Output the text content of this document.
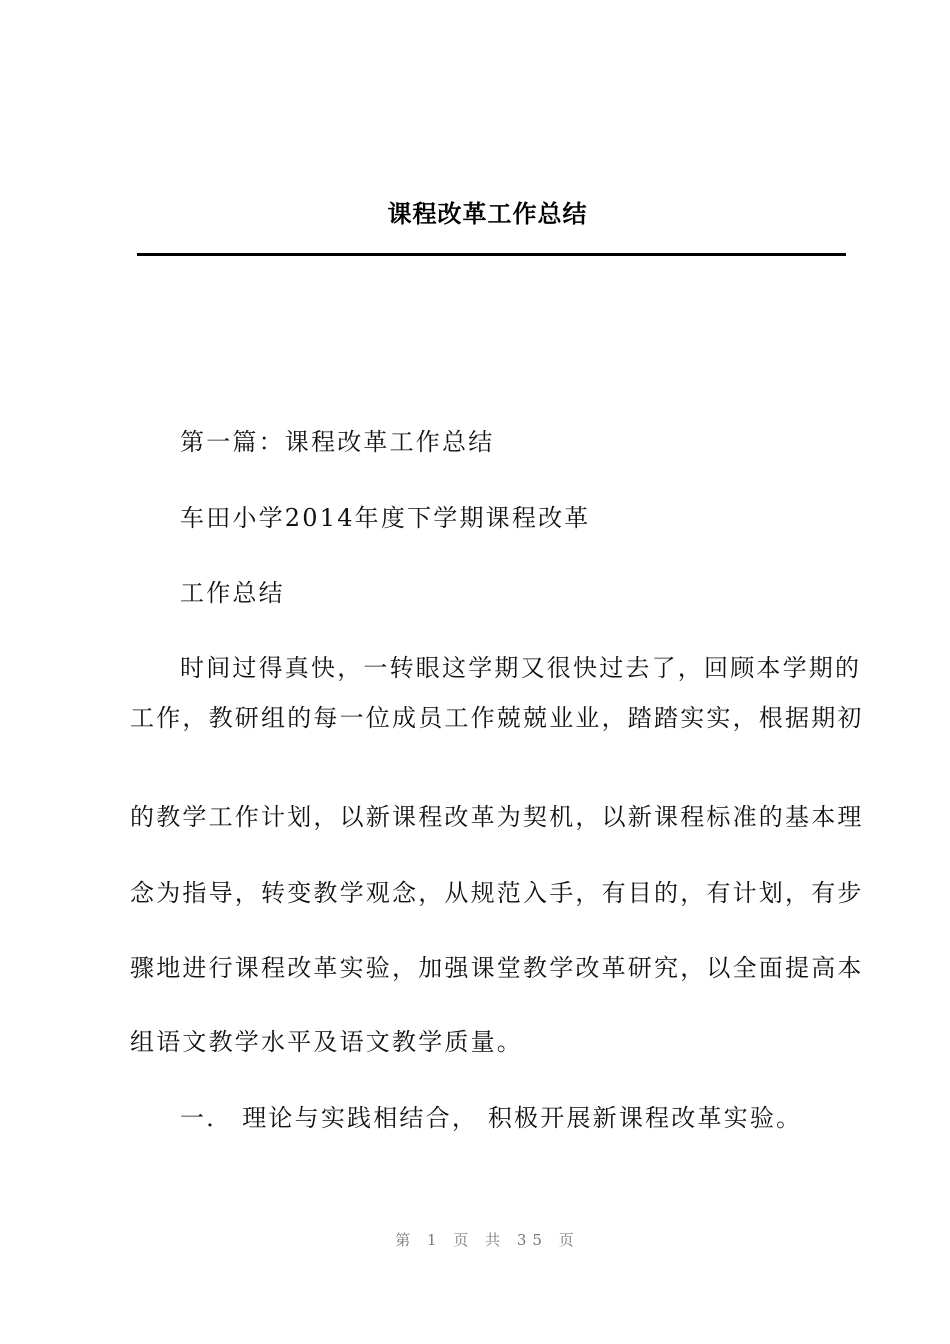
课程改革工作总结
第一篇：课程改革工作总结
车田小学2014年度下学期课程改革
工作总结
时间过得真快，一转眼这学期又很快过去了，回顾本学期的
工作，教研组的每一位成员工作兢兢业业，踏踏实实，根据期初
的教学工作计划，以新课程改革为契机，以新课程标准的基本理
念为指导，转变教学观念，从规范入手，有目的，有计划，有步
骤地进行课程改革实验，加强课堂教学改革研究，以全面提高本
组语文教学水平及语文教学质量。
一． 理论与实践相结合， 积极开展新课程改革实验。
第 1 页 共 35 页
